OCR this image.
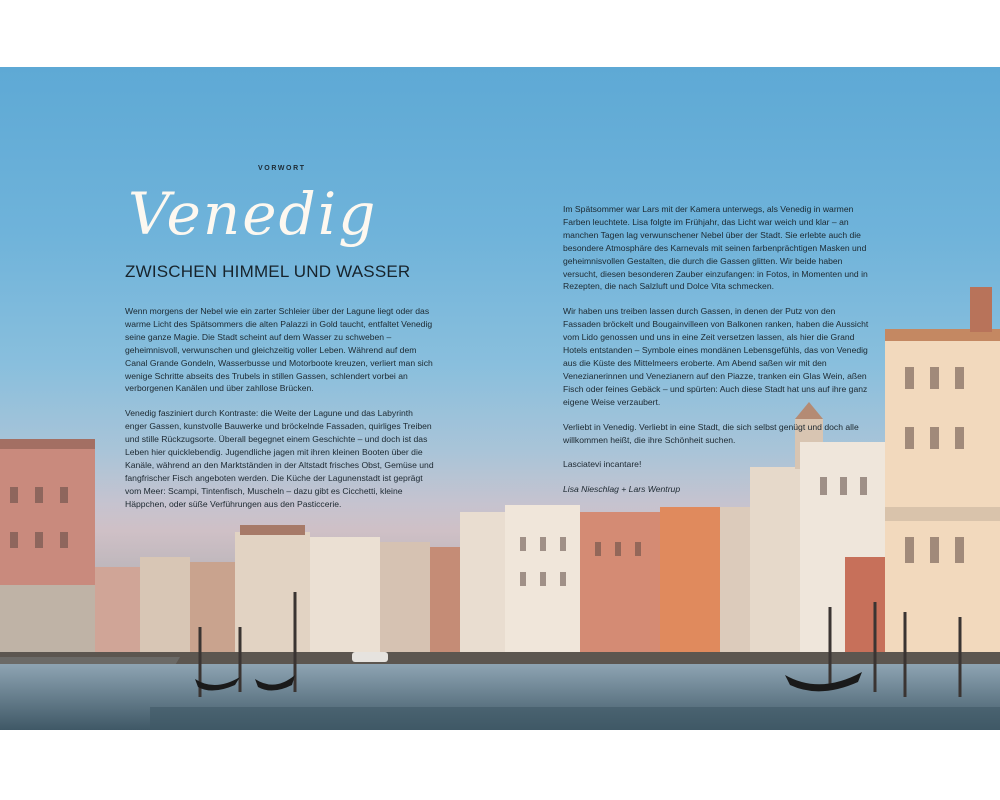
VORWORT
Venedig
ZWISCHEN HIMMEL UND WASSER

Wenn morgens der Nebel wie ein zarter Schleier über der Lagune liegt oder das warme Licht des Spätsommers die alten Palazzi in Gold taucht, entfaltet Venedig seine ganze Magie. Die Stadt scheint auf dem Wasser zu schweben – geheimnisvoll, verwunschen und gleichzeitig voller Leben. Während auf dem Canal Grande Gondeln, Wasserbusse und Motorboote kreuzen, verliert man sich wenige Schritte abseits des Trubels in stillen Gassen, schlendert vorbei an verborgenen Kanälen und über zahllose Brücken.

Venedig fasziniert durch Kontraste: die Weite der Lagune und das Labyrinth enger Gassen, kunstvolle Bauwerke und bröckelnde Fassaden, quirliges Treiben und stille Rückzugsorte. Überall begegnet einem Geschichte – und doch ist das Leben hier quicklebendig. Jugendliche jagen mit ihren kleinen Booten über die Kanäle, während an den Marktständen in der Altstadt frisches Obst, Gemüse und fangfrischer Fisch angeboten werden. Die Küche der Lagunenstadt ist geprägt vom Meer: Scampi, Tintenfisch, Muscheln – dazu gibt es Cicchetti, kleine Häppchen, oder süße Verführungen aus den Pasticcerie.

Im Spätsommer war Lars mit der Kamera unterwegs, als Venedig in warmen Farben leuchtete. Lisa folgte im Frühjahr, das Licht war weich und klar – an manchen Tagen lag verwunschener Nebel über der Stadt. Sie erlebte auch die besondere Atmosphäre des Karnevals mit seinen farbenprächtigen Masken und geheimnisvollen Gestalten, die durch die Gassen glitten. Wir beide haben versucht, diesen besonderen Zauber einzufangen: in Fotos, in Momenten und in Rezepten, die nach Salzluft und Dolce Vita schmecken.

Wir haben uns treiben lassen durch Gassen, in denen der Putz von den Fassaden bröckelt und Bougainvilleen von Balkonen ranken, haben die Aussicht vom Lido genossen und uns in eine Zeit versetzen lassen, als hier die Grand Hotels entstanden – Symbole eines mondänen Lebensgefühls, das von Venedig aus die Küste des Mittelmeers eroberte. Am Abend saßen wir mit den Venezianerinnen und Venezianern auf den Piazze, tranken ein Glas Wein, aßen Fisch oder feines Gebäck – und spürten: Auch diese Stadt hat uns auf ihre ganz eigene Weise verzaubert.

Verliebt in Venedig. Verliebt in eine Stadt, die sich selbst genügt und doch alle willkommen heißt, die ihre Schönheit suchen.

Lasciatevi incantare!

Lisa Nieschlag + Lars Wentrup
